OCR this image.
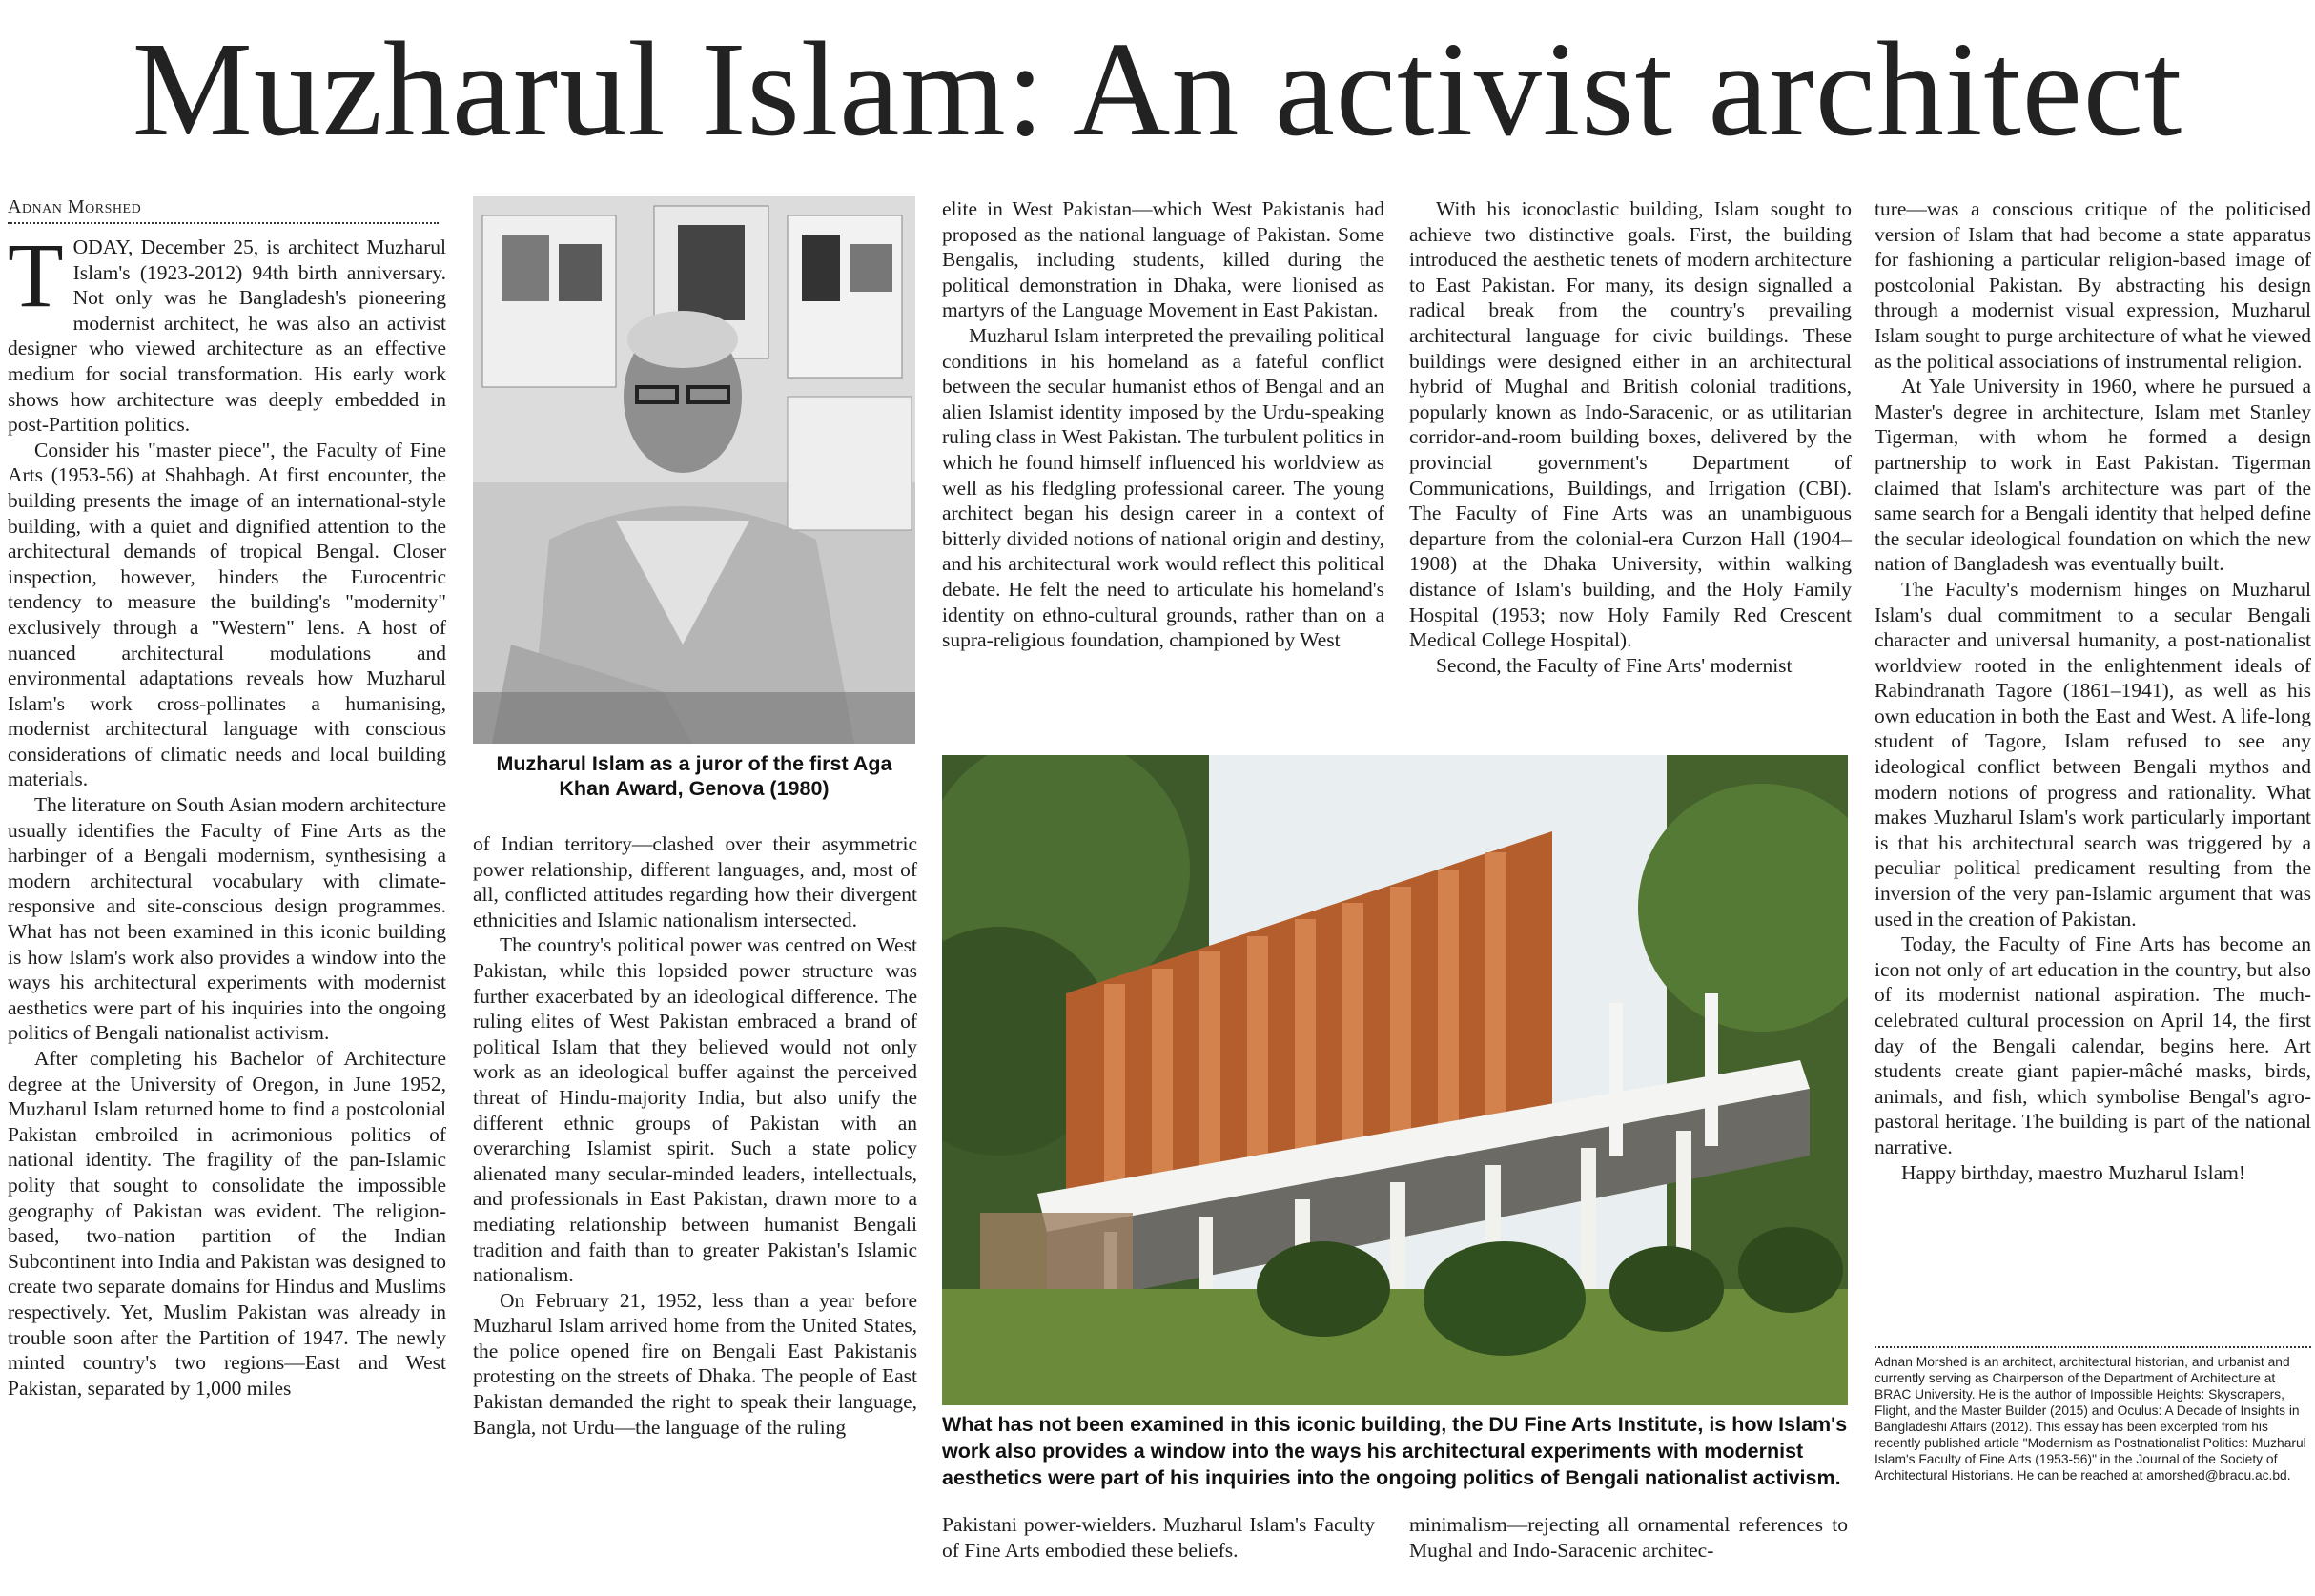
Muzharul Islam: An activist architect
Adnan Morshed
T ODAY, December 25, is architect Muzharul Islam's (1923-2012) 94th birth anniversary. Not only was he Bangladesh's pioneering modernist architect, he was also an activist designer who viewed architecture as an effective medium for social transformation. His early work shows how architecture was deeply embedded in post-Partition politics.

Consider his "master piece", the Faculty of Fine Arts (1953-56) at Shahbagh. At first encounter, the building presents the image of an international-style building, with a quiet and dignified attention to the architectural demands of tropical Bengal. Closer inspection, however, hinders the Eurocentric tendency to measure the building's "modernity" exclusively through a "Western" lens. A host of nuanced architectural modulations and environmental adaptations reveals how Muzharul Islam's work cross-pollinates a humanising, modernist architectural language with conscious considerations of climatic needs and local building materials.

The literature on South Asian modern architecture usually identifies the Faculty of Fine Arts as the harbinger of a Bengali modernism, synthesising a modern architectural vocabulary with climate-responsive and site-conscious design programmes. What has not been examined in this iconic building is how Islam's work also provides a window into the ways his architectural experiments with modernist aesthetics were part of his inquiries into the ongoing politics of Bengali nationalist activism.

After completing his Bachelor of Architecture degree at the University of Oregon, in June 1952, Muzharul Islam returned home to find a postcolonial Pakistan embroiled in acrimonious politics of national identity. The fragility of the pan-Islamic polity that sought to consolidate the impossible geography of Pakistan was evident. The religion-based, two-nation partition of the Indian Subcontinent into India and Pakistan was designed to create two separate domains for Hindus and Muslims respectively. Yet, Muslim Pakistan was already in trouble soon after the Partition of 1947. The newly minted country's two regions—East and West Pakistan, separated by 1,000 miles

Muzharul Islam as a juror of the first Aga Khan Award, Genova (1980)

of Indian territory—clashed over their asymmetric power relationship, different languages, and, most of all, conflicted attitudes regarding how their divergent ethnicities and Islamic nationalism intersected.

The country's political power was centred on West Pakistan, while this lopsided power structure was further exacerbated by an ideological difference. The ruling elites of West Pakistan embraced a brand of political Islam that they believed would not only work as an ideological buffer against the perceived threat of Hindu-majority India, but also unify the different ethnic groups of Pakistan with an overarching Islamist spirit. Such a state policy alienated many secular-minded leaders, intellectuals, and professionals in East Pakistan, drawn more to a mediating relationship between humanist Bengali tradition and faith than to greater Pakistan's Islamic nationalism.

On February 21, 1952, less than a year before Muzharul Islam arrived home from the United States, the police opened fire on Bengali East Pakistanis protesting on the streets of Dhaka. The people of East Pakistan demanded the right to speak their language, Bangla, not Urdu—the language of the ruling

elite in West Pakistan—which West Pakistanis had proposed as the national language of Pakistan. Some Bengalis, including students, killed during the political demonstration in Dhaka, were lionised as martyrs of the Language Movement in East Pakistan.

Muzharul Islam interpreted the prevailing political conditions in his homeland as a fateful conflict between the secular humanist ethos of Bengal and an alien Islamist identity imposed by the Urdu-speaking ruling class in West Pakistan. The turbulent politics in which he found himself influenced his worldview as well as his fledgling professional career. The young architect began his design career in a context of bitterly divided notions of national origin and destiny, and his architectural work would reflect this political debate. He felt the need to articulate his homeland's identity on ethno-cultural grounds, rather than on a supra-religious foundation, championed by West

With his iconoclastic building, Islam sought to achieve two distinctive goals. First, the building introduced the aesthetic tenets of modern architecture to East Pakistan. For many, its design signalled a radical break from the country's prevailing architectural language for civic buildings. These buildings were designed either in an architectural hybrid of Mughal and British colonial traditions, popularly known as Indo-Saracenic, or as utilitarian corridor-and-room building boxes, delivered by the provincial government's Department of Communications, Buildings, and Irrigation (CBI). The Faculty of Fine Arts was an unambiguous departure from the colonial-era Curzon Hall (1904–1908) at the Dhaka University, within walking distance of Islam's building, and the Holy Family Hospital (1953; now Holy Family Red Crescent Medical College Hospital).

Second, the Faculty of Fine Arts' modernist

What has not been examined in this iconic building, the DU Fine Arts Institute, is how Islam's work also provides a window into the ways his architectural experiments with modernist aesthetics were part of his inquiries into the ongoing politics of Bengali nationalist activism.

Pakistani power-wielders. Muzharul Islam's Faculty of Fine Arts embodied these beliefs.

minimalism—rejecting all ornamental references to Mughal and Indo-Saracenic architec-

ture—was a conscious critique of the politicised version of Islam that had become a state apparatus for fashioning a particular religion-based image of postcolonial Pakistan. By abstracting his design through a modernist visual expression, Muzharul Islam sought to purge architecture of what he viewed as the political associations of instrumental religion.

At Yale University in 1960, where he pursued a Master's degree in architecture, Islam met Stanley Tigerman, with whom he formed a design partnership to work in East Pakistan. Tigerman claimed that Islam's architecture was part of the same search for a Bengali identity that helped define the secular ideological foundation on which the new nation of Bangladesh was eventually built.

The Faculty's modernism hinges on Muzharul Islam's dual commitment to a secular Bengali character and universal humanity, a post-nationalist worldview rooted in the enlightenment ideals of Rabindranath Tagore (1861–1941), as well as his own education in both the East and West. A life-long student of Tagore, Islam refused to see any ideological conflict between Bengali mythos and modern notions of progress and rationality. What makes Muzharul Islam's work particularly important is that his architectural search was triggered by a peculiar political predicament resulting from the inversion of the very pan-Islamic argument that was used in the creation of Pakistan.

Today, the Faculty of Fine Arts has become an icon not only of art education in the country, but also of its modernist national aspiration. The much-celebrated cultural procession on April 14, the first day of the Bengali calendar, begins here. Art students create giant papier-mâché masks, birds, animals, and fish, which symbolise Bengal's agro-pastoral heritage. The building is part of the national narrative.

Happy birthday, maestro Muzharul Islam!

Adnan Morshed is an architect, architectural historian, and urbanist and currently serving as Chairperson of the Department of Architecture at BRAC University. He is the author of Impossible Heights: Skyscrapers, Flight, and the Master Builder (2015) and Oculus: A Decade of Insights in Bangladeshi Affairs (2012). This essay has been excerpted from his recently published article "Modernism as Postnationalist Politics: Muzharul Islam's Faculty of Fine Arts (1953-56)" in the Journal of the Society of Architectural Historians. He can be reached at amorshed@bracu.ac.bd.
